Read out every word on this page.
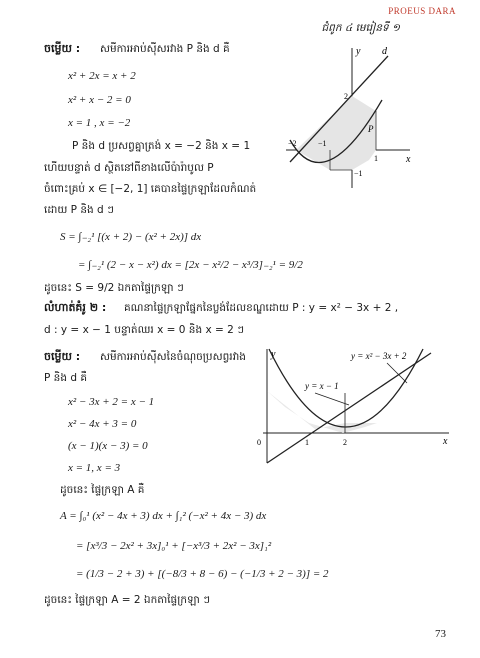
PROEUS DARA
ជំពូក ៤ មេរៀនទី ១
ចម្លើយ : សមីការអាប់ស៊ីសរវាង P និង d គឺ
x² + 2x = x + 2
x² + x − 2 = 0
x = 1 , x = −2
P និង d ប្រសព្វគ្នាត្រង់ x = −2 និង x = 1
ហើយបន្ទាត់ d ស្ថិតនៅពីខាងលើប៉ារ៉ាបូល P
ចំពោះគ្រប់ x ∈ [−2, 1] គេបានផ្ទៃក្រឡាដែលកំណត់
ដោយ P និង d ៗ
S = ∫₋₂¹ [(x + 2) − (x² + 2x)] dx
= ∫₋₂¹ (2 − x − x²) dx = [2x − x²/2 − x³/3]₋₂¹ = 9/2
ដូចនេះ S = 9/2 ឯកតាផ្ទៃក្រឡា ៗ
y
x
d
P
2
−2	−1
1
−1
លំហាត់គំរូ ២ : គណនាផ្ទៃក្រឡាផ្នែកនៃប្លង់ដែលខណ្ឌដោយ P : y = x² − 3x + 2 ,
d : y = x − 1 បន្ទាត់ឈរ x = 0 និង x = 2 ៗ
ចម្លើយ : សមីការអាប់ស៊ីសនៃចំណុចប្រសព្វរវាង
P និង d គឺ
x² − 3x + 2 = x − 1
x² − 4x + 3 = 0
(x − 1)(x − 3) = 0
x = 1, x = 3
ដូចនេះ ផ្ទៃក្រឡា A គឺ
A = ∫₀¹ (x² − 4x + 3) dx + ∫₁² (−x² + 4x − 3) dx
= [x³/3 − 2x² + 3x]₀¹ + [−x³/3 + 2x² − 3x]₁²
= (1/3 − 2 + 3) + [(−8/3 + 8 − 6) − (−1/3 + 2 − 3)] = 2
ដូចនេះ ផ្ទៃក្រឡា A = 2 ឯកតាផ្ទៃក្រឡា ៗ
y
x
0	1	2
y = x² − 3x + 2
y = x − 1
73
